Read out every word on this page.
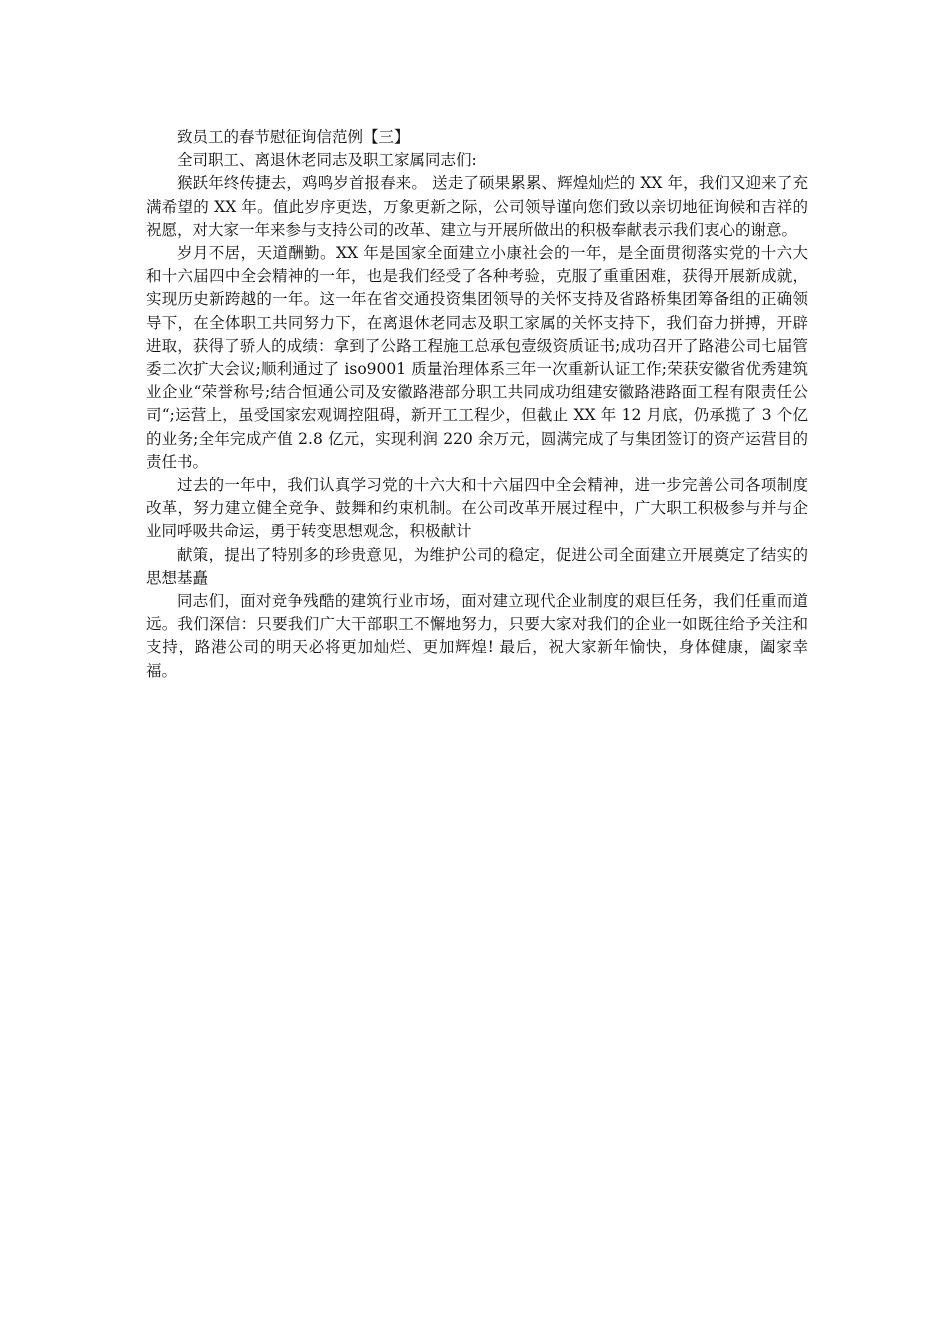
致员工的春节慰征询信范例【三】

全司职工、离退休老同志及职工家属同志们:

猴跃年终传捷去，鸡鸣岁首报春来。 送走了硕果累累、辉煌灿烂的 XX 年，我们又迎来了充满希望的 XX 年。值此岁序更迭，万象更新之际，公司领导谨向您们致以亲切地征询候和吉祥的祝愿，对大家一年来参与支持公司的改革、建立与开展所做出的积极奉献表示我们衷心的谢意。

岁月不居，天道酬勤。XX 年是国家全面建立小康社会的一年，是全面贯彻落实党的十六大和十六届四中全会精神的一年，也是我们经受了各种考验，克服了重重困难，获得开展新成就，实现历史新跨越的一年。这一年在省交通投资集团领导的关怀支持及省路桥集团筹备组的正确领导下，在全体职工共同努力下，在离退休老同志及职工家属的关怀支持下，我们奋力拼搏，开辟进取，获得了骄人的成绩：拿到了公路工程施工总承包壹级资质证书;成功召开了路港公司七届管委二次扩大会议;顺利通过了 iso9001 质量治理体系三年一次重新认证工作;荣获安徽省优秀建筑业企业“荣誉称号;结合恒通公司及安徽路港部分职工共同成功组建安徽路港路面工程有限责任公司“;运营上，虽受国家宏观调控阻碍，新开工工程少，但截止 XX 年 12 月底，仍承揽了 3 个亿的业务;全年完成产值 2.8 亿元，实现利润 220 余万元，圆满完成了与集团签订的资产运营目的责任书。

过去的一年中，我们认真学习党的十六大和十六届四中全会精神，进一步完善公司各项制度改革，努力建立健全竞争、鼓舞和约束机制。在公司改革开展过程中，广大职工积极参与并与企业同呼吸共命运，勇于转变思想观念，积极献计

献策，提出了特别多的珍贵意见，为维护公司的稳定，促进公司全面建立开展奠定了结实的思想基矗

同志们，面对竞争残酷的建筑行业市场，面对建立现代企业制度的艰巨任务，我们任重而道远。我们深信：只要我们广大干部职工不懈地努力，只要大家对我们的企业一如既往给予关注和支持，路港公司的明天必将更加灿烂、更加辉煌! 最后，祝大家新年愉快，身体健康，阖家幸福。
